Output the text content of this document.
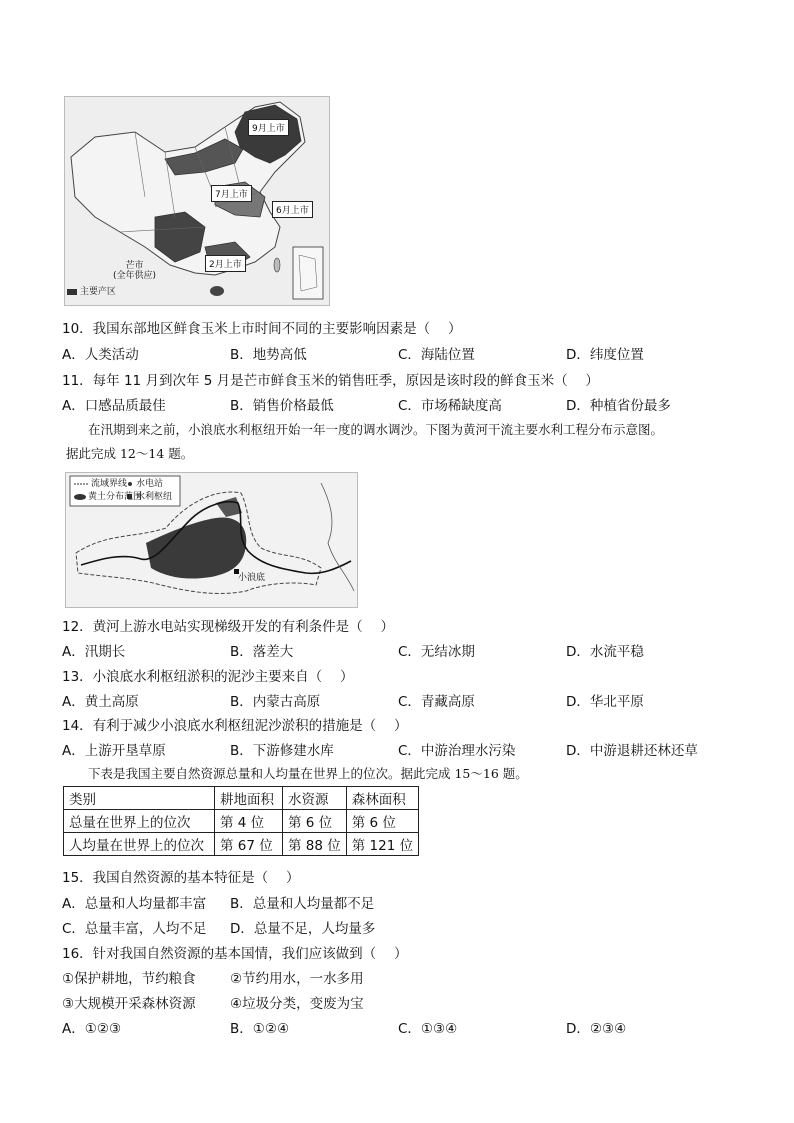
9月上市
7月上市
6月上市
2月上市
芒市
(全年供应)
主要产区
10．我国东部地区鲜食玉米上市时间不同的主要影响因素是（　 ）
A．人类活动	B．地势高低	C．海陆位置	D．纬度位置
11．每年 11 月到次年 5 月是芒市鲜食玉米的销售旺季，原因是该时段的鲜食玉米（　 ）
A．口感品质最佳	B．销售价格最低	C．市场稀缺度高	D．种植省份最多
在汛期到来之前，小浪底水利枢纽开始一年一度的调水调沙。下图为黄河干流主要水利工程分布示意图。
据此完成 12～14 题。
流域界线 水电站
黄土分布范围
水利枢纽
小浪底
12．黄河上游水电站实现梯级开发的有利条件是（　 ）
A．汛期长	B．落差大	C．无结冰期	D．水流平稳
13．小浪底水利枢纽淤积的泥沙主要来自（　 ）
A．黄土高原	B．内蒙古高原	C．青藏高原	D．华北平原
14．有利于减少小浪底水利枢纽泥沙淤积的措施是（　 ）
A．上游开垦草原	B．下游修建水库	C．中游治理水污染	D．中游退耕还林还草
下表是我国主要自然资源总量和人均量在世界上的位次。据此完成 15～16 题。
类别	耕地面积	水资源	森林面积
总量在世界上的位次	第 4 位	第 6 位	第 6 位
人均量在世界上的位次	第 67 位	第 88 位	第 121 位
15．我国自然资源的基本特征是（　 ）
A．总量和人均量都丰富 B．总量和人均量都不足
C．总量丰富，人均不足 D．总量不足，人均量多
16．针对我国自然资源的基本国情，我们应该做到（　 ）
①保护耕地，节约粮食	②节约用水，一水多用
③大规模开采森林资源	④垃圾分类，变废为宝
A．①②③	B．①②④	C．①③④	D．②③④
